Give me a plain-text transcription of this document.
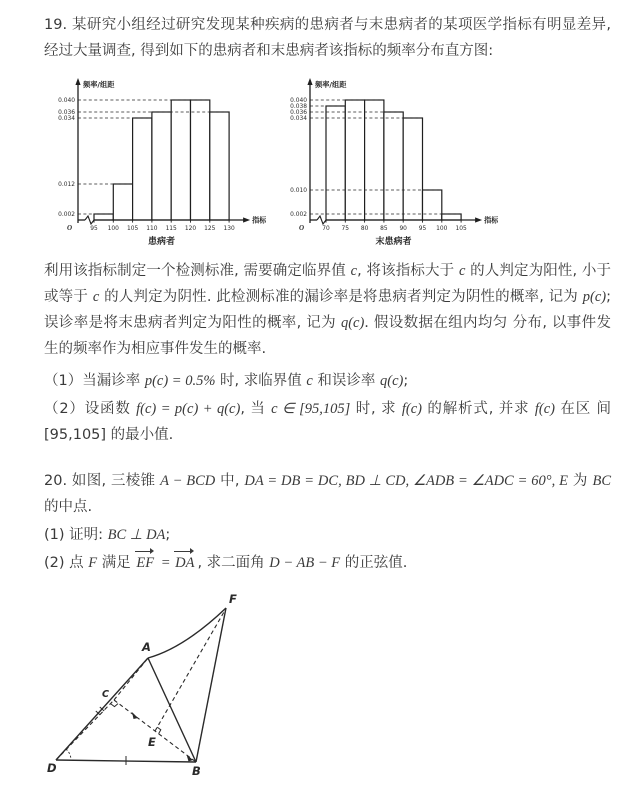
19. 某研究小组经过研究发现某种疾病的患病者与末患病者的某项医学指标有明显差异, 经过大量调查, 得到如下的患病者和末患病者该指标的频率分布直方图:

0.002
0.012
0.034
0.036
0.040
95 100 105 110 115 120 125 130
O
频率/组距
指标
患病者
0.002
0.010
0.034
0.036
0.038
0.040
70 75 80 85 90 95 100 105
O
频率/组距
指标
末患病者

利用该指标制定一个检测标准, 需要确定临界值 c, 将该指标大于 c 的人判定为阳性, 小于或等于 c 的人判定为阴性. 此检测标准的漏诊率是将患病者判定为阴性的概率, 记为 p(c); 误诊率是将末患病者判定为阳性的概率, 记为 q(c). 假设数据在组内均匀 分布, 以事件发生的频率作为相应事件发生的概率.

（1）当漏诊率 p(c) = 0.5% 时, 求临界值 c 和误诊率 q(c);

（2）设函数 f(c) = p(c) + q(c), 当 c ∈ [95,105] 时, 求 f(c) 的解析式, 并求 f(c) 在区 间 [95,105] 的最小值.

20. 如图, 三棱锥 A − BCD 中, DA = DB = DC, BD ⊥ CD, ∠ADB = ∠ADC = 60°, E 为 BC 的中点.

(1) 证明: BC ⊥ DA;

(2) 点 F 满足 EF = DA , 求二面角 D − AB − F 的正弦值.

A
B
C
D
E
F
